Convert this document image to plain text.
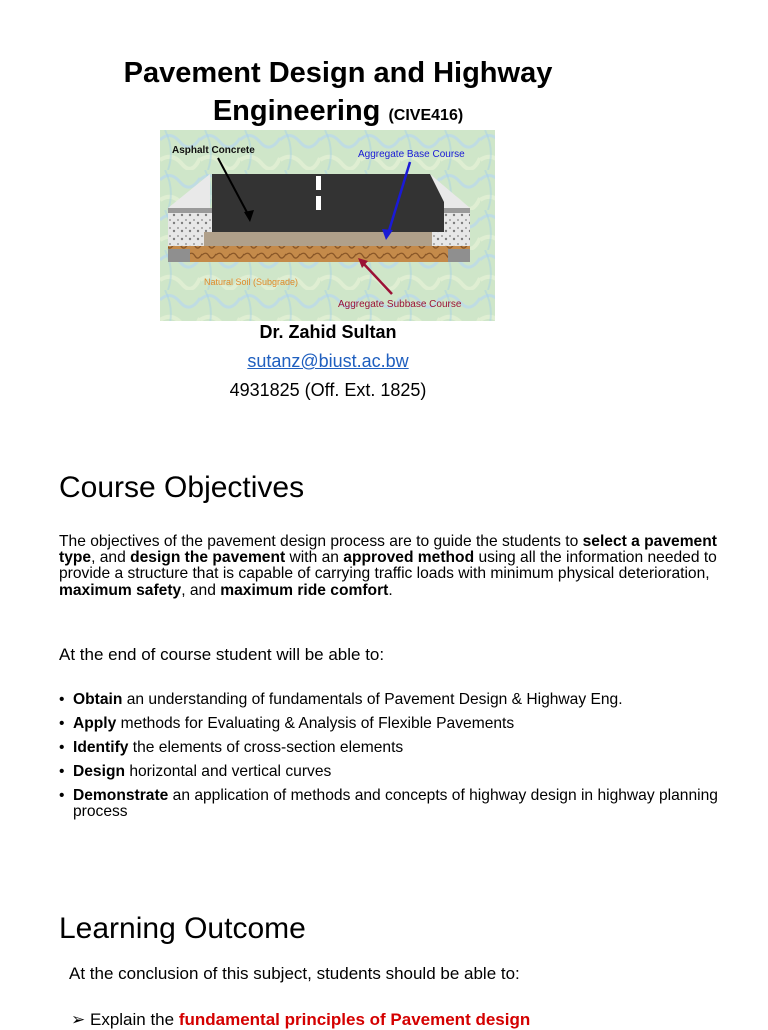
Pavement Design and Highway
Engineering (CIVE416)
Asphalt Concrete	Aggregate Base Course
Natural Soil (Subgrade)
Aggregate Subbase Course
Dr. Zahid Sultan
sutanz@biust.ac.bw
4931825 (Off. Ext. 1825)
Course Objectives

The objectives of the pavement design process are to guide the students to select a pavement type, and design the pavement with an approved method using all the information needed to provide a structure that is capable of carrying traffic loads with minimum physical deterioration, maximum safety, and maximum ride comfort.

At the end of course student will be able to:

• Obtain an understanding of fundamentals of Pavement Design & Highway Eng.
• Apply methods for Evaluating & Analysis of Flexible Pavements
• Identify the elements of cross-section elements
• Design horizontal and vertical curves
• Demonstrate an application of methods and concepts of highway design in highway planning process
Learning Outcome

At the conclusion of this subject, students should be able to:

➢ Explain the fundamental principles of Pavement design
